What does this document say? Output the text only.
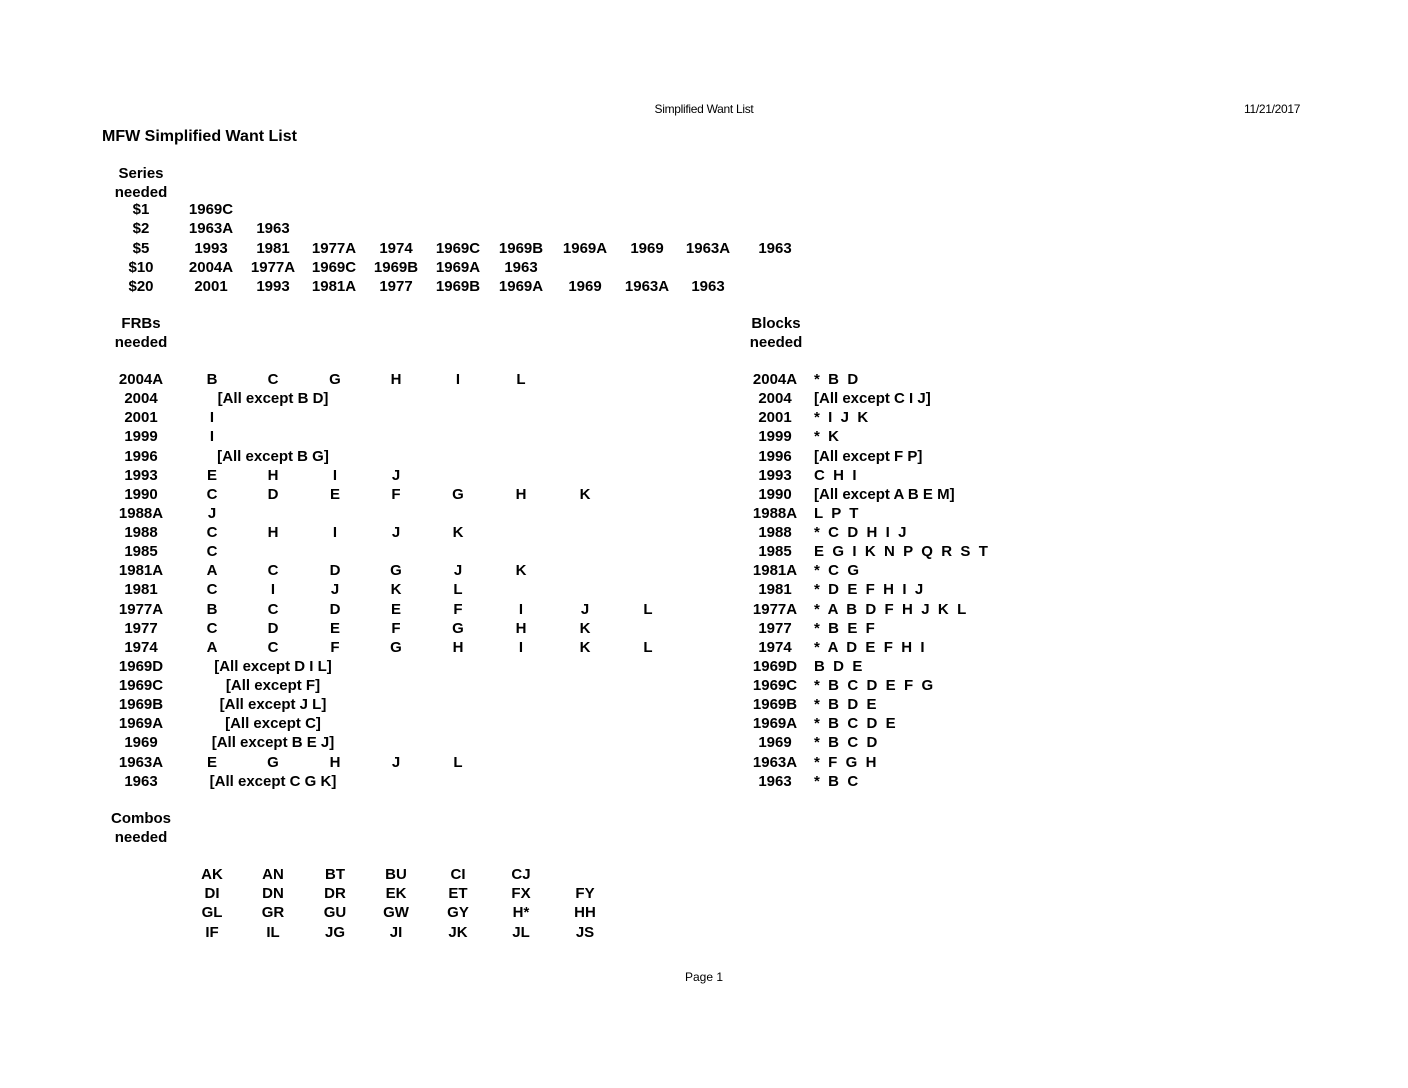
Simplified Want List	11/21/2017
MFW Simplified Want List
Series
needed
$1	1969C
$2	1963A 1963
$5	1993 1981 1977A 1974 1969C 1969B 1969A 1969 1963A 1963
$10 2004A 1977A 1969C 1969B 1969A 1963
$20	2001 1993 1981A 1977 1969B 1969A 1969 1963A 1963
FRBs
needed
2004A	B	C	G	H	I	L
2004	[All except B D]
2001	I
1999	I
1996	[All except B G]
1993	E	H	I	J
1990	C	D	E	F	G	H	K
1988A	J
1988	C	H	I	J	K
1985	C
1981A	A	C	D	G	J	K
1981	C	I	J	K	L
1977A	B	C	D	E	F	I	J	L
1977	C	D	E	F	G	H	K
1974	A	C	F	G	H	I	K	L
1969D	[All except D I L]
1969C	[All except F]
1969B	[All except J L]
1969A	[All except C]
1969	[All except B E J]
1963A	E	G	H	J	L
1963	[All except C G K]
Blocks
needed
2004A *  B  D
2004 [All except C I J]
2001 *  I  J  K
1999 *  K
1996 [All except F P]
1993 C  H  I
1990 [All except A B E M]
1988A L  P  T
1988 *  C  D  H  I  J
1985 E  G  I  K  N  P  Q  R  S  T
1981A *  C  G
1981 *  D  E  F  H  I  J
1977A *  A  B  D  F  H  J  K  L
1977 *  B  E  F
1974 *  A  D  E  F  H  I
1969D B  D  E
1969C *  B  C  D  E  F  G
1969B *  B  D  E
1969A *  B  C  D  E
1969 *  B  C  D
1963A *  F  G  H
1963 *  B  C
Combos
needed
AK	AN	BT	BU	CI	CJ
DI	DN	DR	EK	ET	FX	FY
GL	GR	GU GW	GY	H*	HH
IF	IL	JG	JI	JK	JL	JS
Page 1
